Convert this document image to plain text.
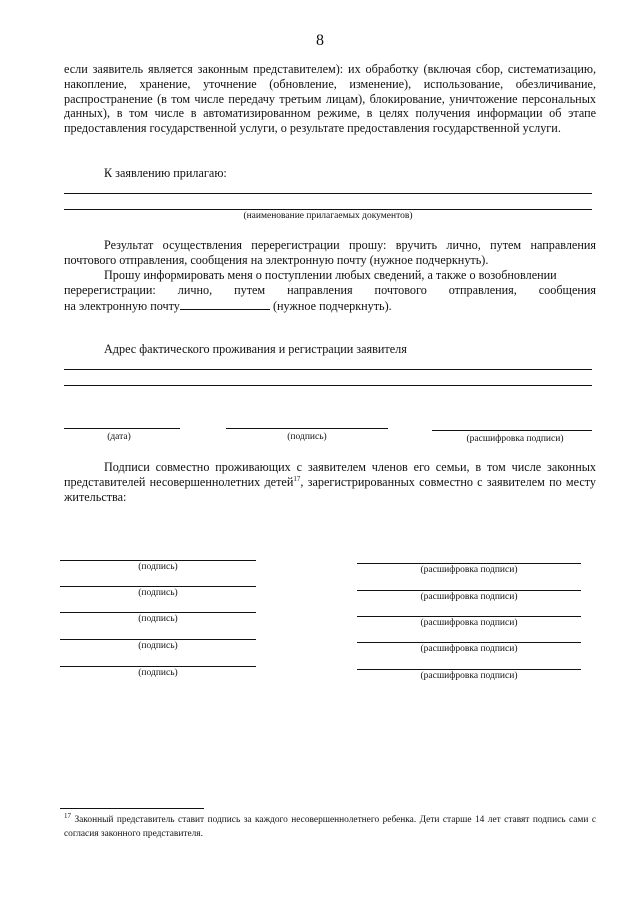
8
если заявитель является законным представителем): их обработку (включая сбор, систематизацию, накопление, хранение, уточнение (обновление, изменение), использование, обезличивание, распространение (в том числе передачу третьим лицам), блокирование, уничтожение персональных данных), в том числе в автоматизированном режиме, в целях получения информации об этапе предоставления государственной услуги, о результате предоставления государственной услуги.
К заявлению прилагаю:
(наименование прилагаемых документов)
Результат осуществления перерегистрации прошу: вручить лично, путем направления почтового отправления, сообщения на электронную почту (нужное подчеркнуть).
Прошу информировать меня о поступлении любых сведений, а также о возобновлении
перерегистрации: лично, путем направления почтового отправления, сообщения
на электронную почту	(нужное подчеркнуть).
Адрес фактического проживания и регистрации заявителя
(дата)	(подпись)	(расшифровка подписи)
Подписи совместно проживающих с заявителем членов его семьи, в том числе законных представителей несовершеннолетних детей$^{17}$, зарегистрированных совместно с заявителем по месту жительства:
(подпись)	(расшифровка подписи)
(подпись)	(расшифровка подписи)
(подпись)	(расшифровка подписи)
(подпись)	(расшифровка подписи)
(подпись)	(расшифровка подписи)
$^{17}$ Законный представитель ставит подпись за каждого несовершеннолетнего ребенка. Дети старше 14 лет ставят подпись сами с согласия законного представителя.
